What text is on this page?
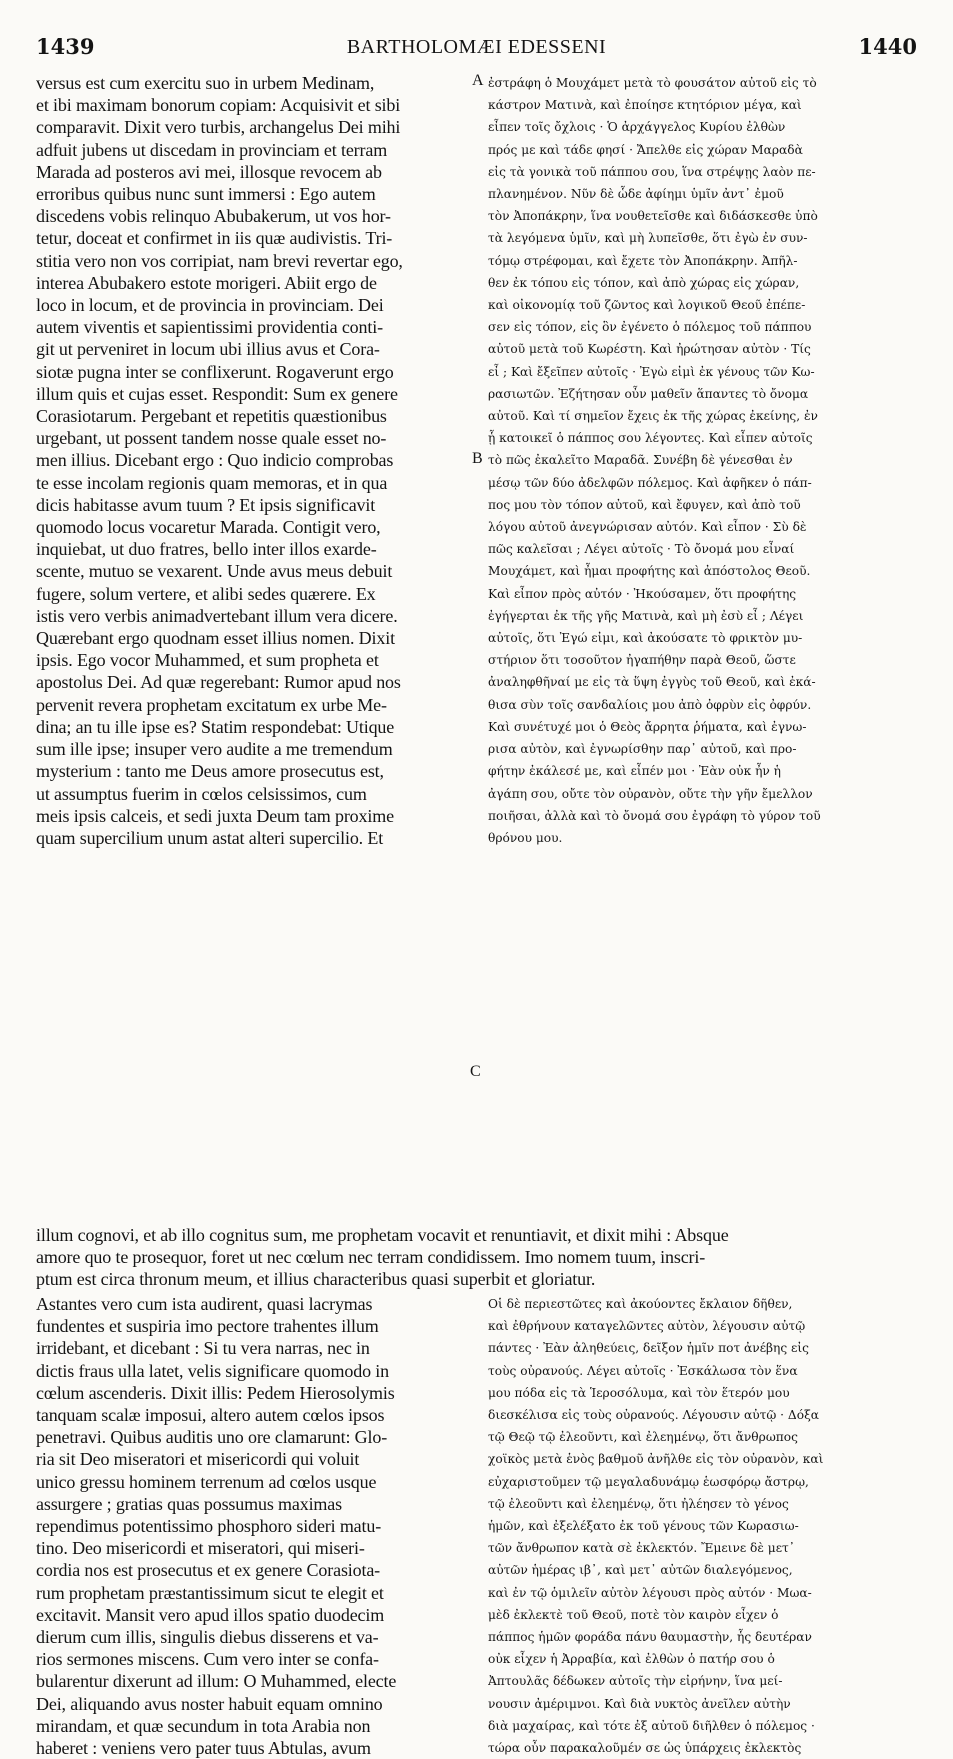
1439	BARTHOLOMÆI EDESSENI	1440
A
B
C
versus est cum exercitu suo in urbem Medinam,
et ibi maximam bonorum copiam: Acquisivit et sibi
comparavit. Dixit vero turbis, archangelus Dei mihi
adfuit jubens ut discedam in provinciam et terram
Marada ad posteros avi mei, illosque revocem ab
erroribus quibus nunc sunt immersi : Ego autem
discedens vobis relinquo Abubakerum, ut vos hor-
tetur, doceat et confirmet in iis quæ audivistis. Tri-
stitia vero non vos corripiat, nam brevi revertar ego,
interea Abubakero estote morigeri. Abiit ergo de
loco in locum, et de provincia in provinciam. Dei
autem viventis et sapientissimi providentia conti-
git ut perveniret in locum ubi illius avus et Cora-
siotæ pugna inter se conflixerunt. Rogaverunt ergo
illum quis et cujas esset. Respondit: Sum ex genere
Corasiotarum. Pergebant et repetitis quæstionibus
urgebant, ut possent tandem nosse quale esset no-
men illius. Dicebant ergo : Quo indicio comprobas
te esse incolam regionis quam memoras, et in qua
dicis habitasse avum tuum ? Et ipsis significavit
quomodo locus vocaretur Marada. Contigit vero,
inquiebat, ut duo fratres, bello inter illos exarde-
scente, mutuo se vexarent. Unde avus meus debuit
fugere, solum vertere, et alibi sedes quærere. Ex
istis vero verbis animadvertebant illum vera dicere.
Quærebant ergo quodnam esset illius nomen. Dixit
ipsis. Ego vocor Muhammed, et sum propheta et
apostolus Dei. Ad quæ regerebant: Rumor apud nos
pervenit revera prophetam excitatum ex urbe Me-
dina; an tu ille ipse es? Statim respondebat: Utique
sum ille ipse; insuper vero audite a me tremendum
mysterium : tanto me Deus amore prosecutus est,
ut assumptus fuerim in cœlos celsissimos, cum
meis ipsis calceis, et sedi juxta Deum tam proxime
quam supercilium unum astat alteri supercilio. Et
ἐστράφη ὁ Μουχάμετ μετὰ τὸ φουσάτον αὐτοῦ εἰς τὸ
κάστρον Ματινὰ, καὶ ἐποίησε κτητόριον μέγα, καὶ
εἶπεν τοῖς ὄχλοις · Ὁ ἀρχάγγελος Κυρίου ἐλθὼν
πρός με καὶ τάδε φησί · Ἄπελθε εἰς χώραν Μαραδὰ
εἰς τὰ γονικὰ τοῦ πάππου σου, ἵνα στρέψῃς λαὸν πε-
πλανημένον. Νῦν δὲ ὧδε ἀφίημι ὑμῖν ἀντ᾽ ἐμοῦ
τὸν Ἀποπάκρην, ἵνα νουθετεῖσθε καὶ διδάσκεσθε ὑπὸ
τὰ λεγόμενα ὑμῖν, καὶ μὴ λυπεῖσθε, ὅτι ἐγὼ ἐν συν-
τόμῳ στρέφομαι, καὶ ἔχετε τὸν Ἀποπάκρην. Ἀπῆλ-
θεν ἐκ τόπου εἰς τόπον, καὶ ἀπὸ χώρας εἰς χώραν,
καὶ οἰκονομίᾳ τοῦ ζῶντος καὶ λογικοῦ Θεοῦ ἐπέπε-
σεν εἰς τόπον, εἰς ὃν ἐγένετο ὁ πόλεμος τοῦ πάππου
αὐτοῦ μετὰ τοῦ Κωρέστη. Καὶ ἠρώτησαν αὐτὸν · Τίς
εἶ ; Καὶ ἔξεῖπεν αὐτοῖς · Ἐγὼ εἰμὶ ἐκ γένους τῶν Κω-
ρασιωτῶν. Ἐζήτησαν οὖν μαθεῖν ἅπαντες τὸ ὄνομα
αὐτοῦ. Καὶ τί σημεῖον ἔχεις ἐκ τῆς χώρας ἐκείνης, ἐν
ᾗ κατοικεῖ ὁ πάππος σου λέγοντες. Καὶ εἶπεν αὐτοῖς
τὸ πῶς ἐκαλεῖτο Μαραδᾶ. Συνέβη δὲ γένεσθαι ἐν
μέσῳ τῶν δύο ἀδελφῶν πόλεμος. Καὶ ἀφῆκεν ὁ πάπ-
πος μου τὸν τόπον αὐτοῦ, καὶ ἔφυγεν, καὶ ἀπὸ τοῦ
λόγου αὐτοῦ ἀνεγνώρισαν αὐτόν. Καὶ εἶπον · Σὺ δὲ
πῶς καλεῖσαι ; Λέγει αὐτοῖς · Τὸ ὄνομά μου εἶναί
Μουχάμετ, καὶ ἦμαι προφήτης καὶ ἀπόστολος Θεοῦ.
Καὶ εἶπον πρὸς αὐτόν · Ἠκούσαμεν, ὅτι προφήτης
ἐγήγερται ἐκ τῆς γῆς Ματινὰ, καὶ μὴ ἐσὺ εἶ ; Λέγει
αὐτοῖς, ὅτι Ἐγώ εἰμι, καὶ ἀκούσατε τὸ φρικτὸν μυ-
στήριον ὅτι τοσοῦτον ἠγαπήθην παρὰ Θεοῦ, ὥστε
ἀναληφθῆναί με εἰς τὰ ὕψη ἐγγὺς τοῦ Θεοῦ, καὶ ἐκά-
θισα σὺν τοῖς σανδαλίοις μου ἀπὸ ὀφρὺν εἰς ὀφρύν.
Καὶ συνέτυχέ μοι ὁ Θεὸς ἄρρητα ῥήματα, καὶ ἐγνω-
ρισα αὐτὸν, καὶ ἐγνωρίσθην παρ᾽ αὐτοῦ, καὶ προ-
φήτην ἐκάλεσέ με, καὶ εἶπέν μοι · Ἐὰν οὐκ ἦν ἡ
ἀγάπη σου, οὔτε τὸν οὐρανὸν, οὔτε τὴν γῆν ἔμελλον
ποιῆσαι, ἀλλὰ καὶ τὸ ὄνομά σου ἐγράφη τὸ γύρον τοῦ
θρόνου μου.
illum cognovi, et ab illo cognitus sum, me prophetam vocavit et renuntiavit, et dixit mihi : Absque
amore quo te prosequor, foret ut nec cœlum nec terram condidissem. Imo nomem tuum, inscri-
ptum est circa thronum meum, et illius characteribus quasi superbit et gloriatur.
Astantes vero cum ista audirent, quasi lacrymas
fundentes et suspiria imo pectore trahentes illum
irridebant, et dicebant : Si tu vera narras, nec in
dictis fraus ulla latet, velis significare quomodo in
cœlum ascenderis. Dixit illis: Pedem Hierosolymis
tanquam scalæ imposui, altero autem cœlos ipsos
penetravi. Quibus auditis uno ore clamarunt: Glo-
ria sit Deo miseratori et misericordi qui voluit
unico gressu hominem terrenum ad cœlos usque
assurgere ; gratias quas possumus maximas
rependimus potentissimo phosphoro sideri matu-
tino. Deo misericordi et miseratori, qui miseri-
cordia nos est prosecutus et ex genere Corasiota-
rum prophetam præstantissimum sicut te elegit et
excitavit. Mansit vero apud illos spatio duodecim
dierum cum illis, singulis diebus disserens et va-
rios sermones miscens. Cum vero inter se confa-
bularentur dixerunt ad illum: O Muhammed, electe
Dei, aliquando avus noster habuit equam omnino
mirandam, et quæ secundum in tota Arabia non
haberet : veniens vero pater tuus Abtulas, avum
Οἱ δὲ περιεστῶτες καὶ ἀκούοντες ἔκλαιον δῆθεν,
καὶ ἐθρήνουν καταγελῶντες αὐτὸν, λέγουσιν αὐτῷ
πάντες · Ἐὰν ἀληθεύεις, δεῖξον ἡμῖν ποτ ἀνέβης εἰς
τοὺς οὐρανούς. Λέγει αὐτοῖς · Ἐσκάλωσα τὸν ἕνα
μου πόδα εἰς τὰ Ἱεροσόλυμα, καὶ τὸν ἕτερόν μου
διεσκέλισα εἰς τοὺς οὐρανούς. Λέγουσιν αὐτῷ · Δόξα
τῷ Θεῷ τῷ ἐλεοῦντι, καὶ ἐλεημένῳ, ὅτι ἄνθρωπος
χοϊκὸς μετὰ ἑνὸς βαθμοῦ ἀνῆλθε εἰς τὸν οὐρανὸν, καὶ
εὐχαριστοῦμεν τῷ μεγαλαδυνάμῳ ἑωσφόρῳ ἄστρῳ,
τῷ ἐλεοῦντι καὶ ἐλεημένῳ, ὅτι ἠλέησεν τὸ γένος
ἡμῶν, καὶ ἐξελέξατο ἐκ τοῦ γένους τῶν Κωρασιω-
τῶν ἄνθρωπον κατὰ σὲ ἐκλεκτόν. Ἔμεινε δὲ μετ᾽
αὐτῶν ἡμέρας ιβ᾽, καὶ μετ᾽ αὐτῶν διαλεγόμενος,
καὶ ἐν τῷ ὁμιλεῖν αὐτὸν λέγουσι πρὸς αὐτόν · Μωα-
μὲδ ἐκλεκτὲ τοῦ Θεοῦ, ποτὲ τὸν καιρὸν εἶχεν ὁ
πάππος ἡμῶν φοράδα πάνυ θαυμαστὴν, ἧς δευτέραν
οὐκ εἶχεν ἡ Ἀρραβία, καὶ ἐλθὼν ὁ πατήρ σου ὁ
Ἀπτουλᾶς δέδωκεν αὐτοῖς τὴν εἰρήνην, ἵνα μεί-
νουσιν ἀμέριμνοι. Καὶ διὰ νυκτὸς ἀνεῖλεν αὐτὴν
διὰ μαχαίρας, καὶ τότε ἐξ αὐτοῦ διῆλθεν ὁ πόλεμος ·
τώρα οὖν παρακαλοῦμέν σε ὡς ὑπάρχεις ἐκλεκτὸς
